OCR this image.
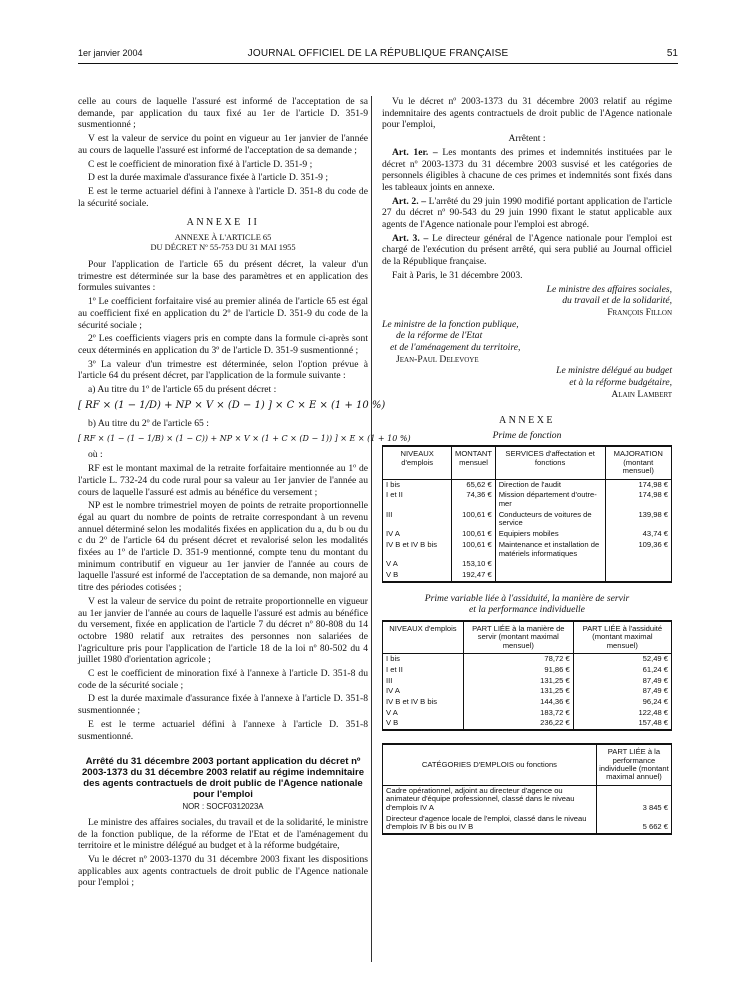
1er janvier 2004	JOURNAL OFFICIEL DE LA RÉPUBLIQUE FRANÇAISE	51

celle au cours de laquelle l'assuré est informé de l'acceptation de sa demande, par application du taux fixé au 1er de l'article D. 351-9 susmentionné ;

V est la valeur de service du point en vigueur au 1er janvier de l'année au cours de laquelle l'assuré est informé de l'acceptation de sa demande ;

C est le coefficient de minoration fixé à l'article D. 351-9 ;

D est la durée maximale d'assurance fixée à l'article D. 351-9 ;

E est le terme actuariel défini à l'annexe à l'article D. 351-8 du code de la sécurité sociale.

ANNEXE II
ANNEXE À L'ARTICLE 65
DU DÉCRET Nº 55-753 DU 31 MAI 1955

Pour l'application de l'article 65 du présent décret, la valeur d'un trimestre est déterminée sur la base des paramètres et en application des formules suivantes :

1º Le coefficient forfaitaire visé au premier alinéa de l'article 65 est égal au coefficient fixé en application du 2º de l'article D. 351-9 du code de la sécurité sociale ;

2º Les coefficients viagers pris en compte dans la formule ci-après sont ceux déterminés en application du 3º de l'article D. 351-9 susmentionné ;

3º La valeur d'un trimestre est déterminée, selon l'option prévue à l'article 64 du présent décret, par l'application de la formule suivante :

a) Au titre du 1º de l'article 65 du présent décret :

[ RF × (1 − 1/D) + NP × V × (D − 1) ] × C × E × (1 + 10 %)

b) Au titre du 2º de l'article 65 :

[ RF × (1 − (1 − 1/B) × (1 − C)) + NP × V × (1 + C × (D − 1)) ] × E × (1 + 10 %)

où :

RF est le montant maximal de la retraite forfaitaire mentionnée au 1º de l'article L. 732-24 du code rural pour sa valeur au 1er janvier de l'année au cours de laquelle l'assuré est admis au bénéfice du versement ;

NP est le nombre trimestriel moyen de points de retraite proportionnelle égal au quart du nombre de points de retraite correspondant à un revenu annuel déterminé selon les modalités fixées en application du a, du b ou du c du 2º de l'article 64 du présent décret et revalorisé selon les modalités fixées au 1º de l'article D. 351-9 mentionné, compte tenu du montant du minimum contributif en vigueur au 1er janvier de l'année au cours de laquelle l'assuré est informé de l'acceptation de sa demande, non majoré au titre des périodes cotisées ;

V est la valeur de service du point de retraite proportionnelle en vigueur au 1er janvier de l'année au cours de laquelle l'assuré est admis au bénéfice du versement, fixée en application de l'article 7 du décret nº 80-808 du 14 octobre 1980 relatif aux retraites des personnes non salariées de l'agriculture pris pour l'application de l'article 18 de la loi nº 80-502 du 4 juillet 1980 d'orientation agricole ;

C est le coefficient de minoration fixé à l'annexe à l'article D. 351-8 du code de la sécurité sociale ;

D est la durée maximale d'assurance fixée à l'annexe à l'article D. 351-8 susmentionnée ;

E est le terme actuariel défini à l'annexe à l'article D. 351-8 susmentionné.

Arrêté du 31 décembre 2003 portant application du décret nº 2003-1373 du 31 décembre 2003 relatif au régime indemnitaire des agents contractuels de droit public de l'Agence nationale pour l'emploi
NOR : SOCF0312023A

Le ministre des affaires sociales, du travail et de la solidarité, le ministre de la fonction publique, de la réforme de l'Etat et de l'aménagement du territoire et le ministre délégué au budget et à la réforme budgétaire,

Vu le décret nº 2003-1370 du 31 décembre 2003 fixant les dispositions applicables aux agents contractuels de droit public de l'Agence nationale pour l'emploi ;

Vu le décret nº 2003-1373 du 31 décembre 2003 relatif au régime indemnitaire des agents contractuels de droit public de l'Agence nationale pour l'emploi,

Arrêtent :

Art. 1er. – Les montants des primes et indemnités instituées par le décret nº 2003-1373 du 31 décembre 2003 susvisé et les catégories de personnels éligibles à chacune de ces primes et indemnités sont fixés dans les tableaux joints en annexe.

Art. 2. – L'arrêté du 29 juin 1990 modifié portant application de l'article 27 du décret nº 90-543 du 29 juin 1990 fixant le statut applicable aux agents de l'Agence nationale pour l'emploi est abrogé.

Art. 3. – Le directeur général de l'Agence nationale pour l'emploi est chargé de l'exécution du présent arrêté, qui sera publié au Journal officiel de la République française.

Fait à Paris, le 31 décembre 2003.

Le ministre des affaires sociales,
du travail et de la solidarité,
François Fillon
Le ministre de la fonction publique,
de la réforme de l'Etat
et de l'aménagement du territoire,
Jean-Paul Delevoye
Le ministre délégué au budget
et à la réforme budgétaire,
Alain Lambert
ANNEXE
Prime de fonction
NIVEAUX d'emplois	MONTANT mensuel	SERVICES d'affectation et fonctions	MAJORATION (montant mensuel)
I bis	65,62 €	Direction de l'audit	174,98 €
I et II	74,36 €	Mission département d'outre-mer	174,98 €
III	100,61 €	Conducteurs de voitures de service	139,98 €
IV A	100,61 €	Equipiers mobiles	43,74 €
IV B et IV B bis	100,61 €	Maintenance et installation de matériels informatiques	109,36 €
V A	153,10 €		
V B	192,47 €		
Prime variable liée à l'assiduité, la manière de servir
et la performance individuelle
NIVEAUX d'emplois	PART LIÉE à la manière de servir (montant maximal mensuel)	PART LIÉE à l'assiduité (montant maximal mensuel)
I bis	78,72 €	52,49 €
I et II	91,86 €	61,24 €
III	131,25 €	87,49 €
IV A	131,25 €	87,49 €
IV B et IV B bis	144,36 €	96,24 €
V A	183,72 €	122,48 €
V B	236,22 €	157,48 €
CATÉGORIES D'EMPLOIS ou fonctions	PART LIÉE à la performance individuelle (montant maximal annuel)
Cadre opérationnel, adjoint au directeur d'agence ou animateur d'équipe professionnel, classé dans le niveau d'emplois IV A	3 845 €
Directeur d'agence locale de l'emploi, classé dans le niveau d'emplois IV B bis ou IV B	5 662 €
